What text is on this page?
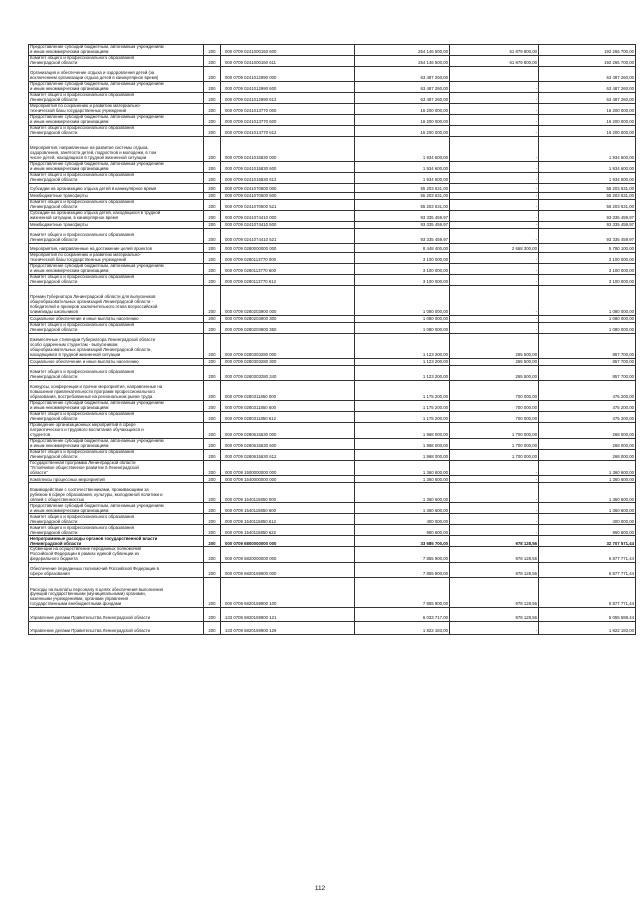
Предоставление субсидий бюджетным, автономным учреждениям
и иным некоммерческим организациям	200	000 0709 0241000160 600	254 146 500,00	61 879 800,00	192 266 700,00
Комитет общего и профессионального образования
Ленинградской области	200	000 0709 0241000160 611	254 146 500,00	61 879 800,00	192 266 700,00
Организация и обеспечение отдыха и оздоровления детей (за
исключением организации отдыха детей в каникулярное время)	200	000 0709 0241012990 000	63 487 260,00		63 487 260,00
Предоставление субсидий бюджетным, автономным учреждениям
и иным некоммерческим организациям	200	000 0709 0241012990 600	63 487 260,00	-	63 487 260,00
Комитет общего и профессионального образования
Ленинградской области	200	000 0709 0241012990 612	63 487 260,00	-	63 487 260,00
Мероприятия по сохранению и развитию материально-
технической базы государственных учреждений	200	000 0709 0241013770 000	16 200 000,00	-	16 200 000,00
Предоставление субсидий бюджетным, автономным учреждениям
и иным некоммерческим организациям	200	000 0709 0241013770 600	16 200 000,00	-	16 200 000,00
Комитет общего и профессионального образования
Ленинградской области	200	000 0709 0241013770 612	16 200 000,00	-	16 200 000,00
Мероприятия, направленные на развитие системы отдыха,
оздоровления, занятости детей, подростков и молодежи, в том
числе детей, находящихся в трудной жизненной ситуации	200	000 0709 0241015830 000	1 934 600,00	-	1 934 600,00
Предоставление субсидий бюджетным, автономным учреждениям
и иным некоммерческим организациям	200	000 0709 0241015830 600	1 934 600,00	-	1 934 600,00
Комитет общего и профессионального образования
Ленинградской области	200	000 0709 0241015830 612	1 934 600,00	-	1 934 600,00
Субсидии на организацию отдыха детей в каникулярное время	200	000 0709 0241070600 000	55 203 631,00	-	55 203 631,00
Межбюджетные трансферты	200	000 0709 0241070600 500	55 203 631,00	-	55 203 631,00
Комитет общего и профессионального образования
Ленинградской области	200	000 0709 0241070600 521	55 203 631,00	-	55 203 631,00
Субсидии на организацию отдыха детей, находящихся в трудной
жизненной ситуации, в каникулярное время	200	000 0709 0241074410 000	93 335 459,97	-	93 335 459,97
Межбюджетные трансферты	200	000 0709 0241074410 500	93 335 459,97	-	93 335 459,97
Комитет общего и профессионального образования
Ленинградской области	200	000 0709 0241074410 521	93 335 459,97	-	93 335 459,97
Мероприятия, направленные на достижение целей проектов	200	000 0709 0280000000 000	8 448 400,00	2 668 300,00	5 780 100,00
Мероприятия по сохранению и развитию материально-
технической базы государственных учреждений	200	000 0709 0280113770 000	3 100 000,00	-	3 100 000,00
Предоставление субсидий бюджетным, автономным учреждениям
и иным некоммерческим организациям	200	000 0709 0280113770 600	3 100 000,00	-	3 100 000,00
Комитет общего и профессионального образования
Ленинградской области	200	000 0709 0280113770 612	3 100 000,00	-	3 100 000,00
Премии Губернатора Ленинградской области для выпускников
общеобразовательных организаций Ленинградской области -
победителей и призеров заключительного этапа всероссийской
олимпиады школьников	200	000 0709 0280203900 000	1 080 000,00	-	1 080 000,00
Социальное обеспечение и иные выплаты населению	200	000 0709 0280203900 300	1 080 000,00	-	1 080 000,00
Комитет общего и профессионального образования
Ленинградской области	200	000 0709 0280203900 350	1 080 000,00	-	1 080 000,00
Ежемесячные стипендии Губернатора Ленинградской области
особо одаренным студентам - выпускникам
общеобразовательных организаций Ленинградской области,
находящимся в трудной жизненной ситуации	200	000 0709 0280303280 000	1 123 200,00	265 500,00	857 700,00
Социальное обеспечение и иные выплаты населению	200	000 0709 0280303280 300	1 123 200,00	265 500,00	857 700,00
Комитет общего и профессионального образования
Ленинградской области	200	000 0709 0280303280 340	1 123 200,00	265 500,00	857 700,00
Конкурсы, конференции и прочие мероприятия, направленные на
повышение привлекательности программ профессионального
образования, востребованных на региональном рынке труда	200	000 0709 0280311850 000	1 175 200,00	700 000,00	475 200,00
Предоставление субсидий бюджетным, автономным учреждениям
и иным некоммерческим организациям	200	000 0709 0280311850 600	1 175 200,00	700 000,00	475 200,00
Комитет общего и профессионального образования
Ленинградской области	200	000 0709 0280311850 612	1 175 200,00	700 000,00	475 200,00
Проведение организационных мероприятий в сфере
патриотического и трудового воспитания обучающихся и
студентов	200	000 0709 0280615630 000	1 968 000,00	1 700 000,00	268 000,00
Предоставление субсидий бюджетным, автономным учреждениям
и иным некоммерческим организациям	200	000 0709 0280615630 600	1 968 000,00	1 700 000,00	268 000,00
Комитет общего и профессионального образования
Ленинградской области	200	000 0709 0280615630 612	1 968 000,00	1 700 000,00	268 000,00
Государственная программа Ленинградской области
"Устойчивое общественное развитие в Ленинградской
области"	200	000 0709 1500000000 000	1 360 600,00	-	1 360 600,00
Комплексы процессных мероприятий	200	000 0709 1540000000 000	1 360 600,00	-	1 360 600,00
Взаимодействие с соотечественниками, проживающими за
рубежом в сфере образования, культуры, молодежной политики и
связей с общественностью	200	000 0709 1540115850 000	1 360 600,00	-	1 360 600,00
Предоставление субсидий бюджетным, автономным учреждениям
и иным некоммерческим организациям	200	000 0709 1540115850 600	1 360 600,00	-	1 360 600,00
Комитет общего и профессионального образования
Ленинградской области	200	000 0709 1540115850 612	400 000,00	-	400 000,00
Комитет общего и профессионального образования
Ленинградской области	200	000 0709 1540115850 622	960 600,00	-	960 600,00
Непрограммные расходы органов государственной власти
Ленинградской области	200	000 0709 6800000000 000	33 685 700,00	978 128,56	32 707 571,44
Субвенции на осуществление переданных полномочий
Российской Федерации в рамках единой субвенции из
федерального бюджета	200	000 0709 6820000000 000	7 855 900,00	978 128,56	6 877 771,44
Обеспечение переданных полномочий Российской Федерации в
сфере образования	200	000 0709 6820159900 000	7 855 900,00	978 128,56	6 877 771,44
Расходы на выплаты персоналу в целях обеспечения выполнения
функций государственными (муниципальными) органами,
казенными учреждениями, органами управления
государственными внебюджетными фондами	200	000 0709 6820159900 100	7 855 900,00	978 128,56	6 877 771,44
Управление делами Правительства Ленинградской области	200	133 0709 6820159900 121	6 033 717,00	978 128,56	5 055 588,44
Управление делами Правительства Ленинградской области	200	133 0709 6820159900 129	1 822 183,00	-	1 822 183,00
112
